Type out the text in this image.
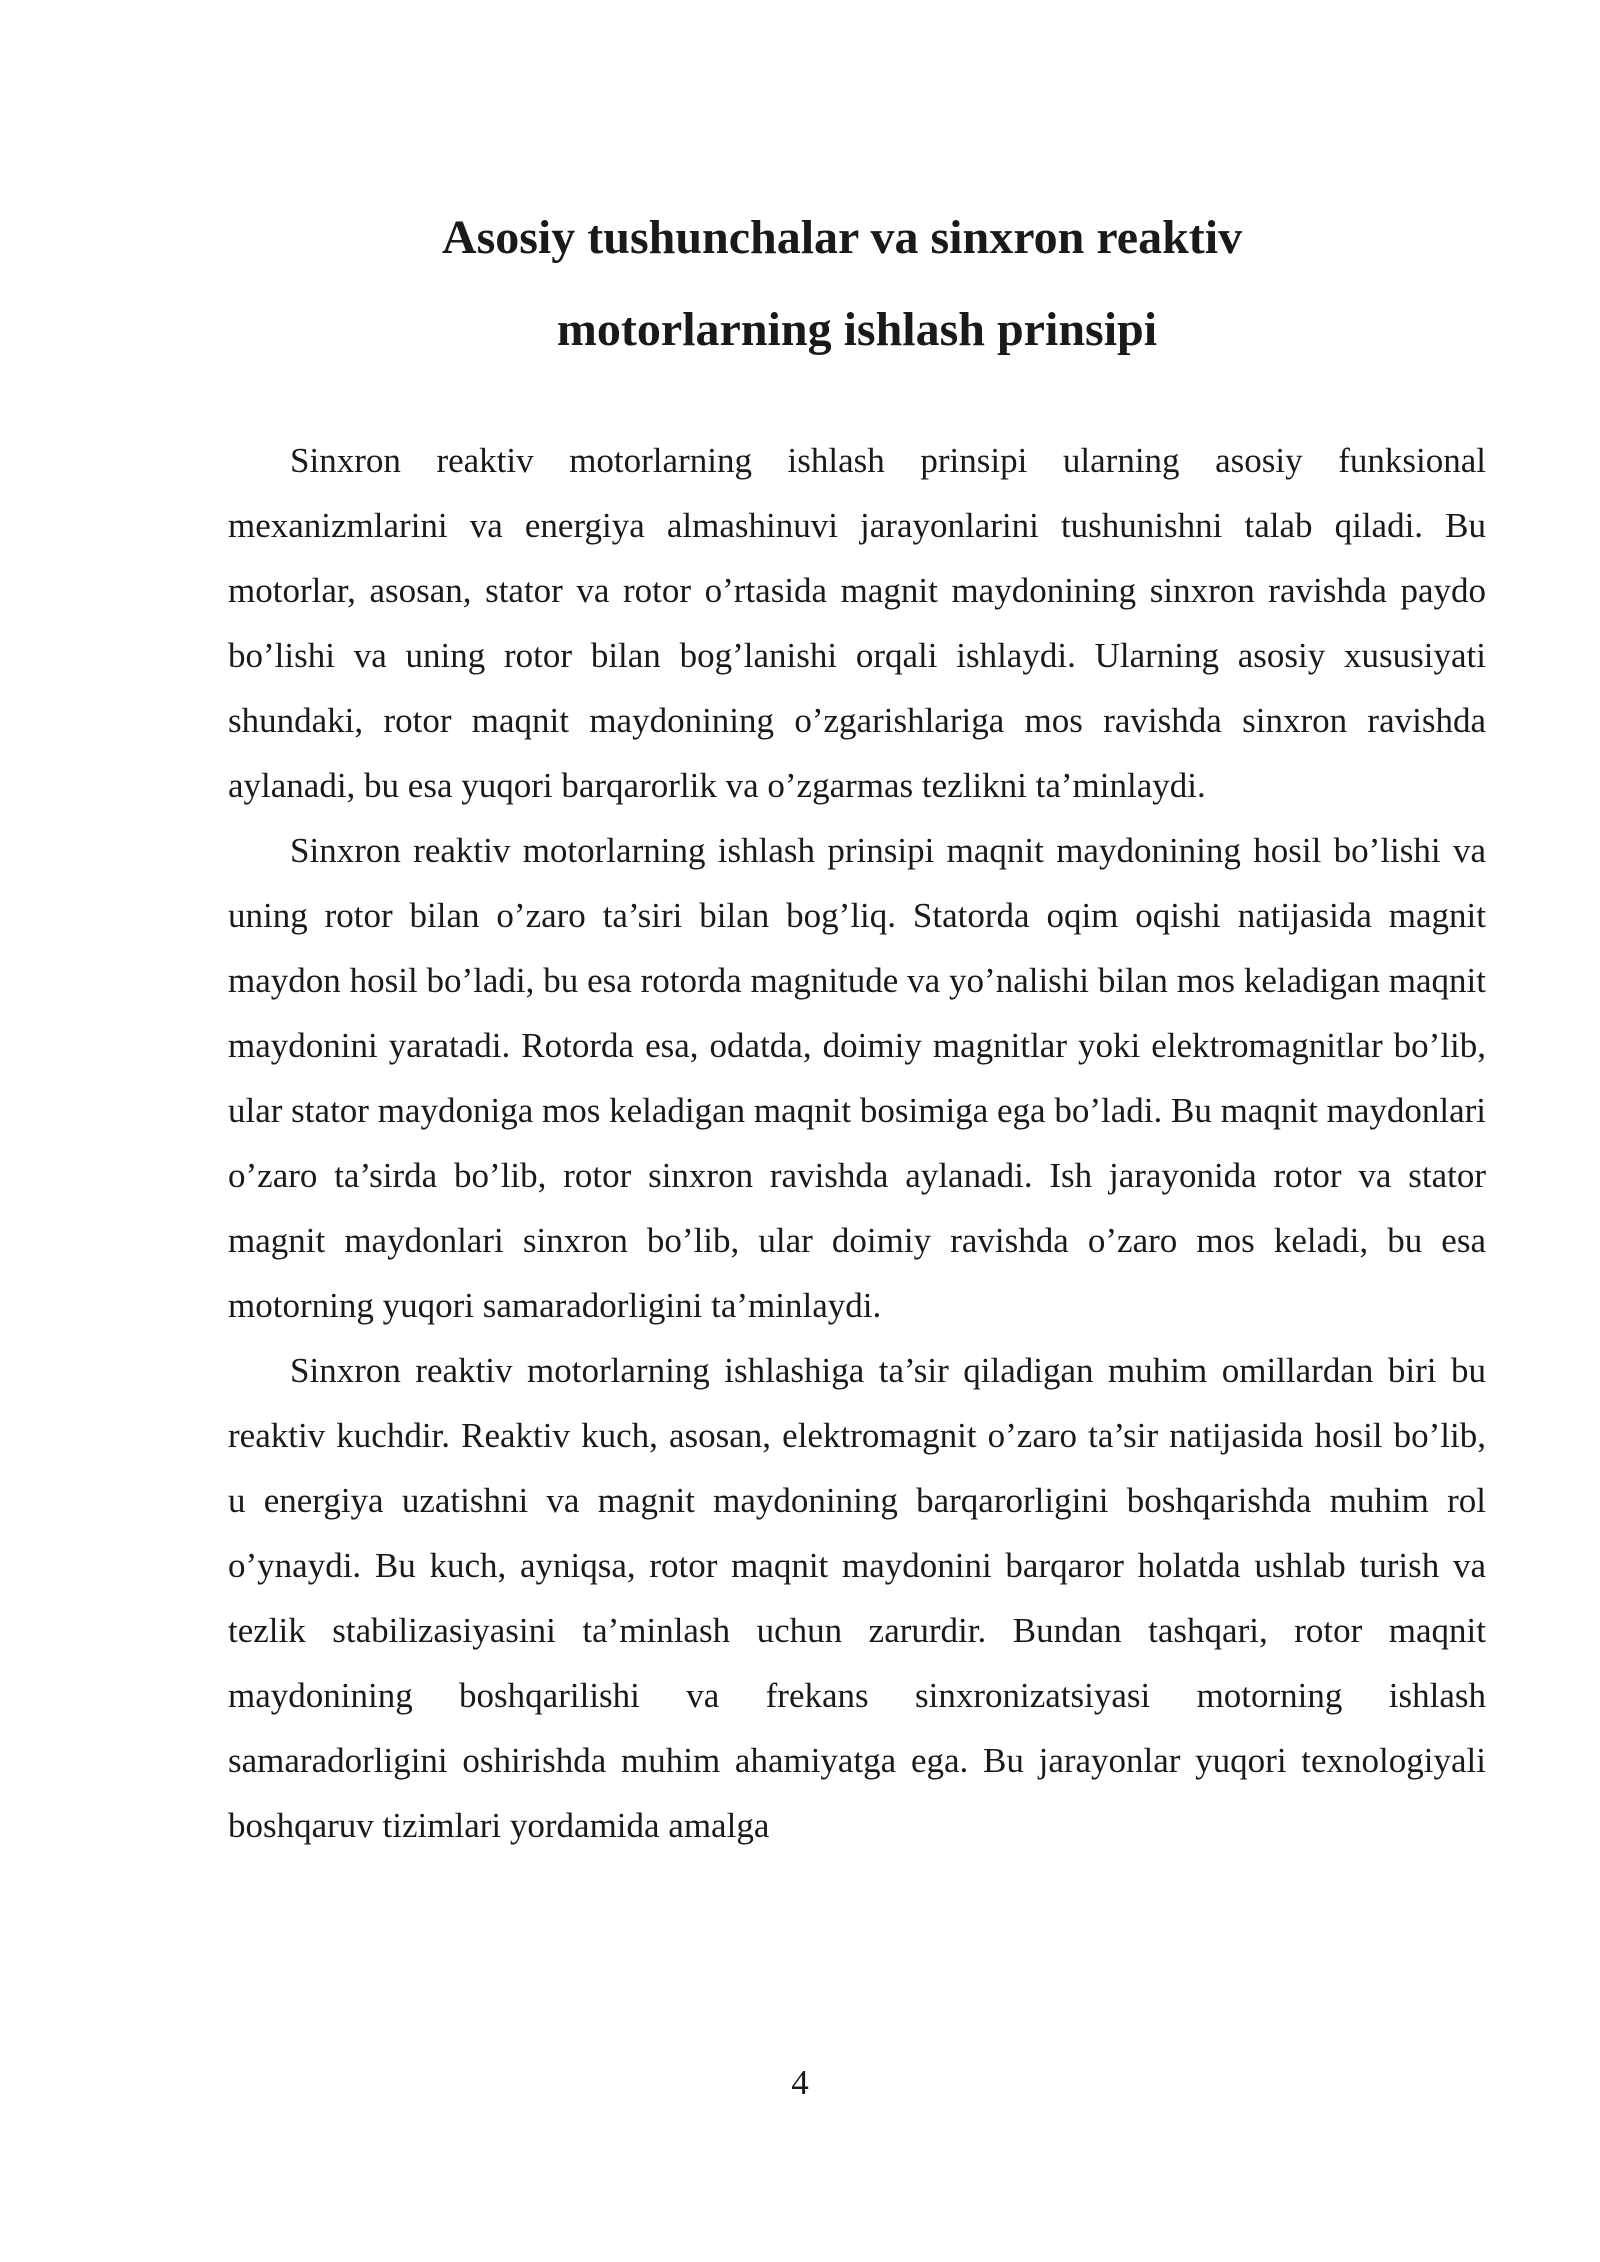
Asosiy tushunchalar va sinxron reaktiv
motorlarning ishlash prinsipi

Sinxron reaktiv motorlarning ishlash prinsipi ularning asosiy funksional mexanizmlarini va energiya almashinuvi jarayonlarini tushunishni talab qiladi. Bu motorlar, asosan, stator va rotor o’rtasida magnit maydonining sinxron ravishda paydo bo’lishi va uning rotor bilan bog’lanishi orqali ishlaydi. Ularning asosiy xususiyati shundaki, rotor maqnit maydonining o’zgarishlariga mos ravishda sinxron ravishda aylanadi, bu esa yuqori barqarorlik va o’zgarmas tezlikni ta’minlaydi.

Sinxron reaktiv motorlarning ishlash prinsipi maqnit maydonining hosil bo’lishi va uning rotor bilan o’zaro ta’siri bilan bog’liq. Statorda oqim oqishi natijasida magnit maydon hosil bo’ladi, bu esa rotorda magnitude va yo’nalishi bilan mos keladigan maqnit maydonini yaratadi. Rotorda esa, odatda, doimiy magnitlar yoki elektromagnitlar bo’lib, ular stator maydoniga mos keladigan maqnit bosimiga ega bo’ladi. Bu maqnit maydonlari o’zaro ta’sirda bo’lib, rotor sinxron ravishda aylanadi. Ish jarayonida rotor va stator magnit maydonlari sinxron bo’lib, ular doimiy ravishda o’zaro mos keladi, bu esa motorning yuqori samaradorligini ta’minlaydi.

Sinxron reaktiv motorlarning ishlashiga ta’sir qiladigan muhim omillardan biri bu reaktiv kuchdir. Reaktiv kuch, asosan, elektromagnit o’zaro ta’sir natijasida hosil bo’lib, u energiya uzatishni va magnit maydonining barqarorligini boshqarishda muhim rol o’ynaydi. Bu kuch, ayniqsa, rotor maqnit maydonini barqaror holatda ushlab turish va tezlik stabilizasiyasini ta’minlash uchun zarurdir. Bundan tashqari, rotor maqnit maydonining boshqarilishi va frekans sinxronizatsiyasi motorning ishlash samaradorligini oshirishda muhim ahamiyatga ega. Bu jarayonlar yuqori texnologiyali boshqaruv tizimlari yordamida amalga

4
